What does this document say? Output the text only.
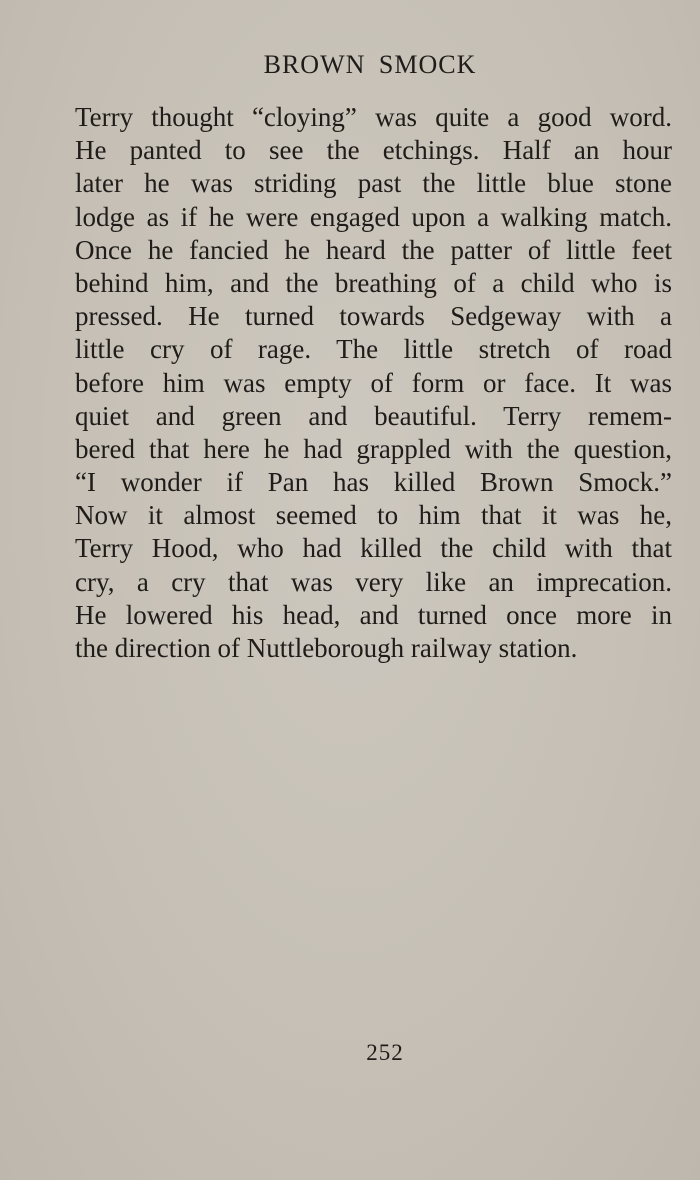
BROWN SMOCK
Terry thought “cloying” was quite a good word.
He panted to see the etchings. Half an hour
later he was striding past the little blue stone
lodge as if he were engaged upon a walking match.
Once he fancied he heard the patter of little feet
behind him, and the breathing of a child who is
pressed. He turned towards Sedgeway with a
little cry of rage. The little stretch of road
before him was empty of form or face. It was
quiet and green and beautiful. Terry remem-
bered that here he had grappled with the question,
“I wonder if Pan has killed Brown Smock.”
Now it almost seemed to him that it was he,
Terry Hood, who had killed the child with that
cry, a cry that was very like an imprecation.
He lowered his head, and turned once more in
the direction of Nuttleborough railway station.
252
